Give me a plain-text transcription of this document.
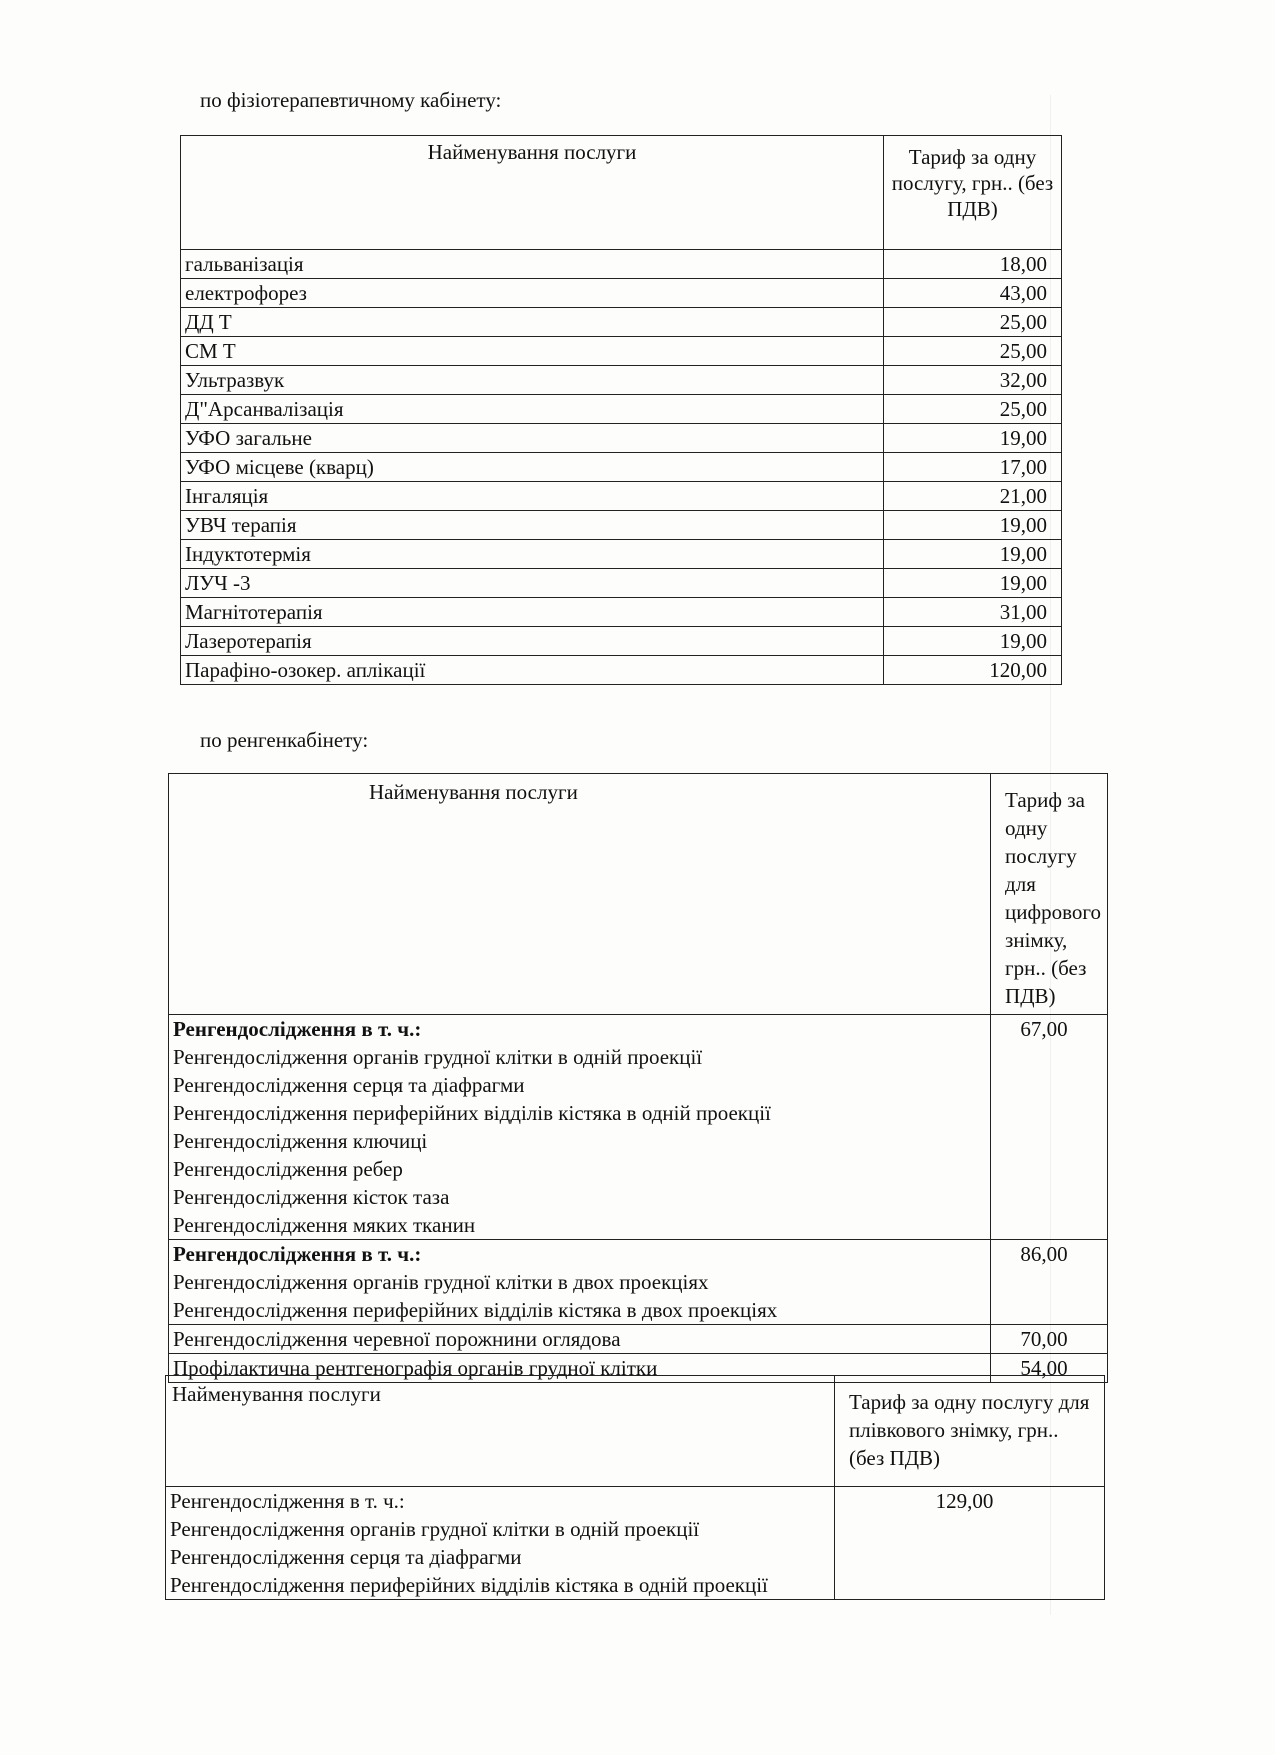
по фізіотерапевтичному кабінету:
Найменування послуги	Тариф за одну послугу, грн.. (без ПДВ)
гальванізація	18,00
електрофорез	43,00
ДД Т	25,00
СМ Т	25,00
Ультразвук	32,00
Д"Арсанвалізація	25,00
УФО загальне	19,00
УФО місцеве (кварц)	17,00
Інгаляція	21,00
УВЧ терапія	19,00
Індуктотермія	19,00
ЛУЧ -3	19,00
Магнітотерапія	31,00
Лазеротерапія	19,00
Парафіно-озокер. аплікації	120,00
по ренгенкабінету:
Найменування послуги	Тариф за одну послугу для цифрового знімку, грн.. (без ПДВ)

Ренгендослідження в т. ч.:
Ренгендослідження органів грудної клітки в одній проекції
Ренгендослідження серця та діафрагми
Ренгендослідження периферійних відділів кістяка в одній проекції
Ренгендослідження ключиці
Ренгендослідження ребер
Ренгендослідження кісток таза
Ренгендослідження мяких тканин
	67,00

Ренгендослідження в т. ч.:
Ренгендослідження органів грудної клітки в двох проекціях
Ренгендослідження периферійних відділів кістяка в двох проекціях	86,00

Ренгендослідження черевної порожнини оглядова	70,00

Профілактична рентгенографія органів грудної клітки	54,00
Найменування послуги	Тариф за одну послугу для плівкового знімку, грн.. (без ПДВ)

Ренгендослідження в т. ч.:
Ренгендослідження органів грудної клітки в одній проекції
Ренгендослідження серця та діафрагми
Ренгендослідження периферійних відділів кістяка в одній проекції	129,00
